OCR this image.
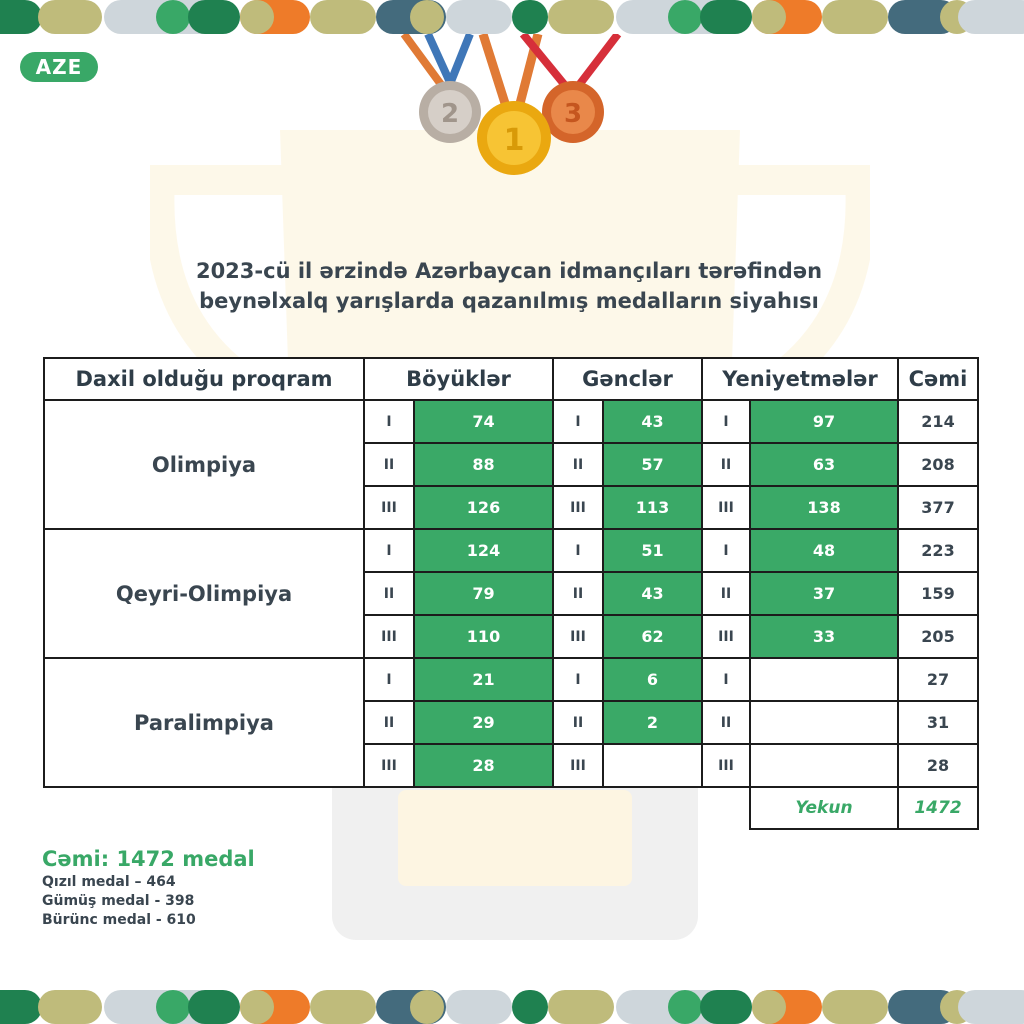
AZE
2	3
1
2023-cü il ərzində Azərbaycan idmançıları tərəfindən
beynəlxalq yarışlarda qazanılmış medalların siyahısı
Daxil olduğu proqram	Böyüklər		Gənclər		Yeniyetmələr		Cəmi
Olimpiya	I	74	I	43	I	97	214
	II	88	II	57	II	63	208
	III	126	III	113	III	138	377
Qeyri-Olimpiya	I	124	I	51	I	48	223
	II	79	II	43	II	37	159
	III	110	III	62	III	33	205
Paralimpiya	I	21	I	6	I		27
	II	29	II	2	II		31
	III	28	III		III		28
						Yekun	1472
Cəmi: 1472 medal
Qızıl medal – 464
Gümüş medal - 398
Bürünc medal - 610
